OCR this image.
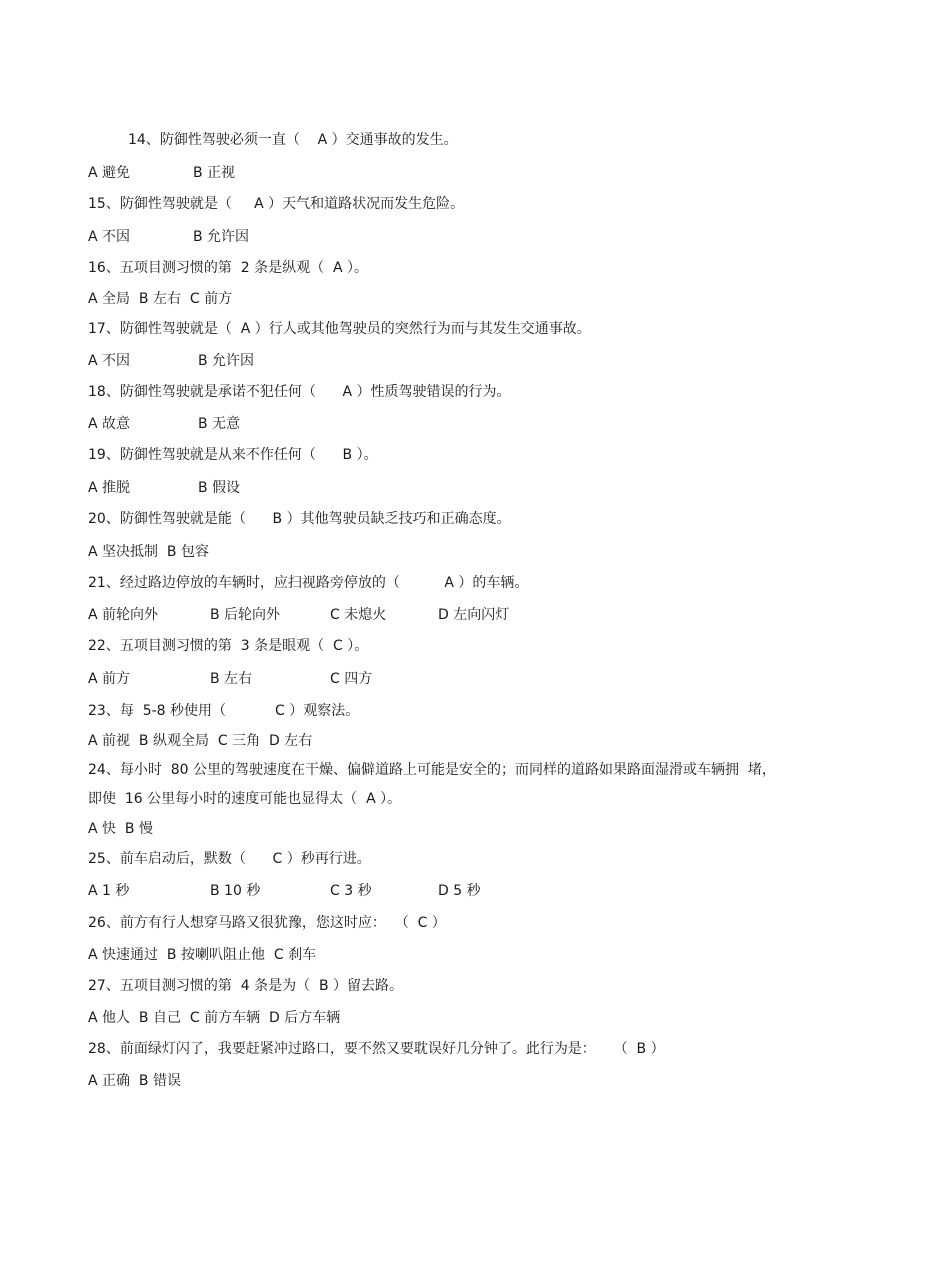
14、防御性驾驶必须一直（    A ）交通事故的发生。
A 避免	B 正视
15、防御性驾驶就是（     A ）天气和道路状况而发生危险。
A 不因	B 允许因
16、五项目测习惯的第  2 条是纵观（  A ）。
A 全局  B 左右  C 前方
17、防御性驾驶就是（  A ）行人或其他驾驶员的突然行为而与其发生交通事故。
A 不因	B 允许因
18、防御性驾驶就是承诺不犯任何（      A ）性质驾驶错误的行为。
A 故意	B 无意
19、防御性驾驶就是从来不作任何（      B ）。
A 推脱	B 假设
20、防御性驾驶就是能（      B ）其他驾驶员缺乏技巧和正确态度。
A 坚决抵制  B 包容
21、经过路边停放的车辆时，应扫视路旁停放的（          A ）的车辆。
A 前轮向外	B 后轮向外	C 未熄火	D 左向闪灯
22、五项目测习惯的第  3 条是眼观（  C ）。
A 前方	B 左右	C 四方
23、每  5-8 秒使用（           C ）观察法。
A 前视  B 纵观全局  C 三角  D 左右
24、每小时  80 公里的驾驶速度在干燥、偏僻道路上可能是安全的；而同样的道路如果路面湿滑或车辆拥  堵，
即使  16 公里每小时的速度可能也显得太（  A ）。
A 快  B 慢
25、前车启动后，默数（      C ）秒再行进。
A 1 秒	B 10 秒	C 3 秒	D 5 秒
26、前方有行人想穿马路又很犹豫，您这时应：  （  C ）
A 快速通过  B 按喇叭阻止他  C 刹车
27、五项目测习惯的第  4 条是为（  B ）留去路。
A 他人  B 自己  C 前方车辆  D 后方车辆
28、前面绿灯闪了，我要赶紧冲过路口，要不然又要耽误好几分钟了。此行为是：    （  B ）
A 正确  B 错误
